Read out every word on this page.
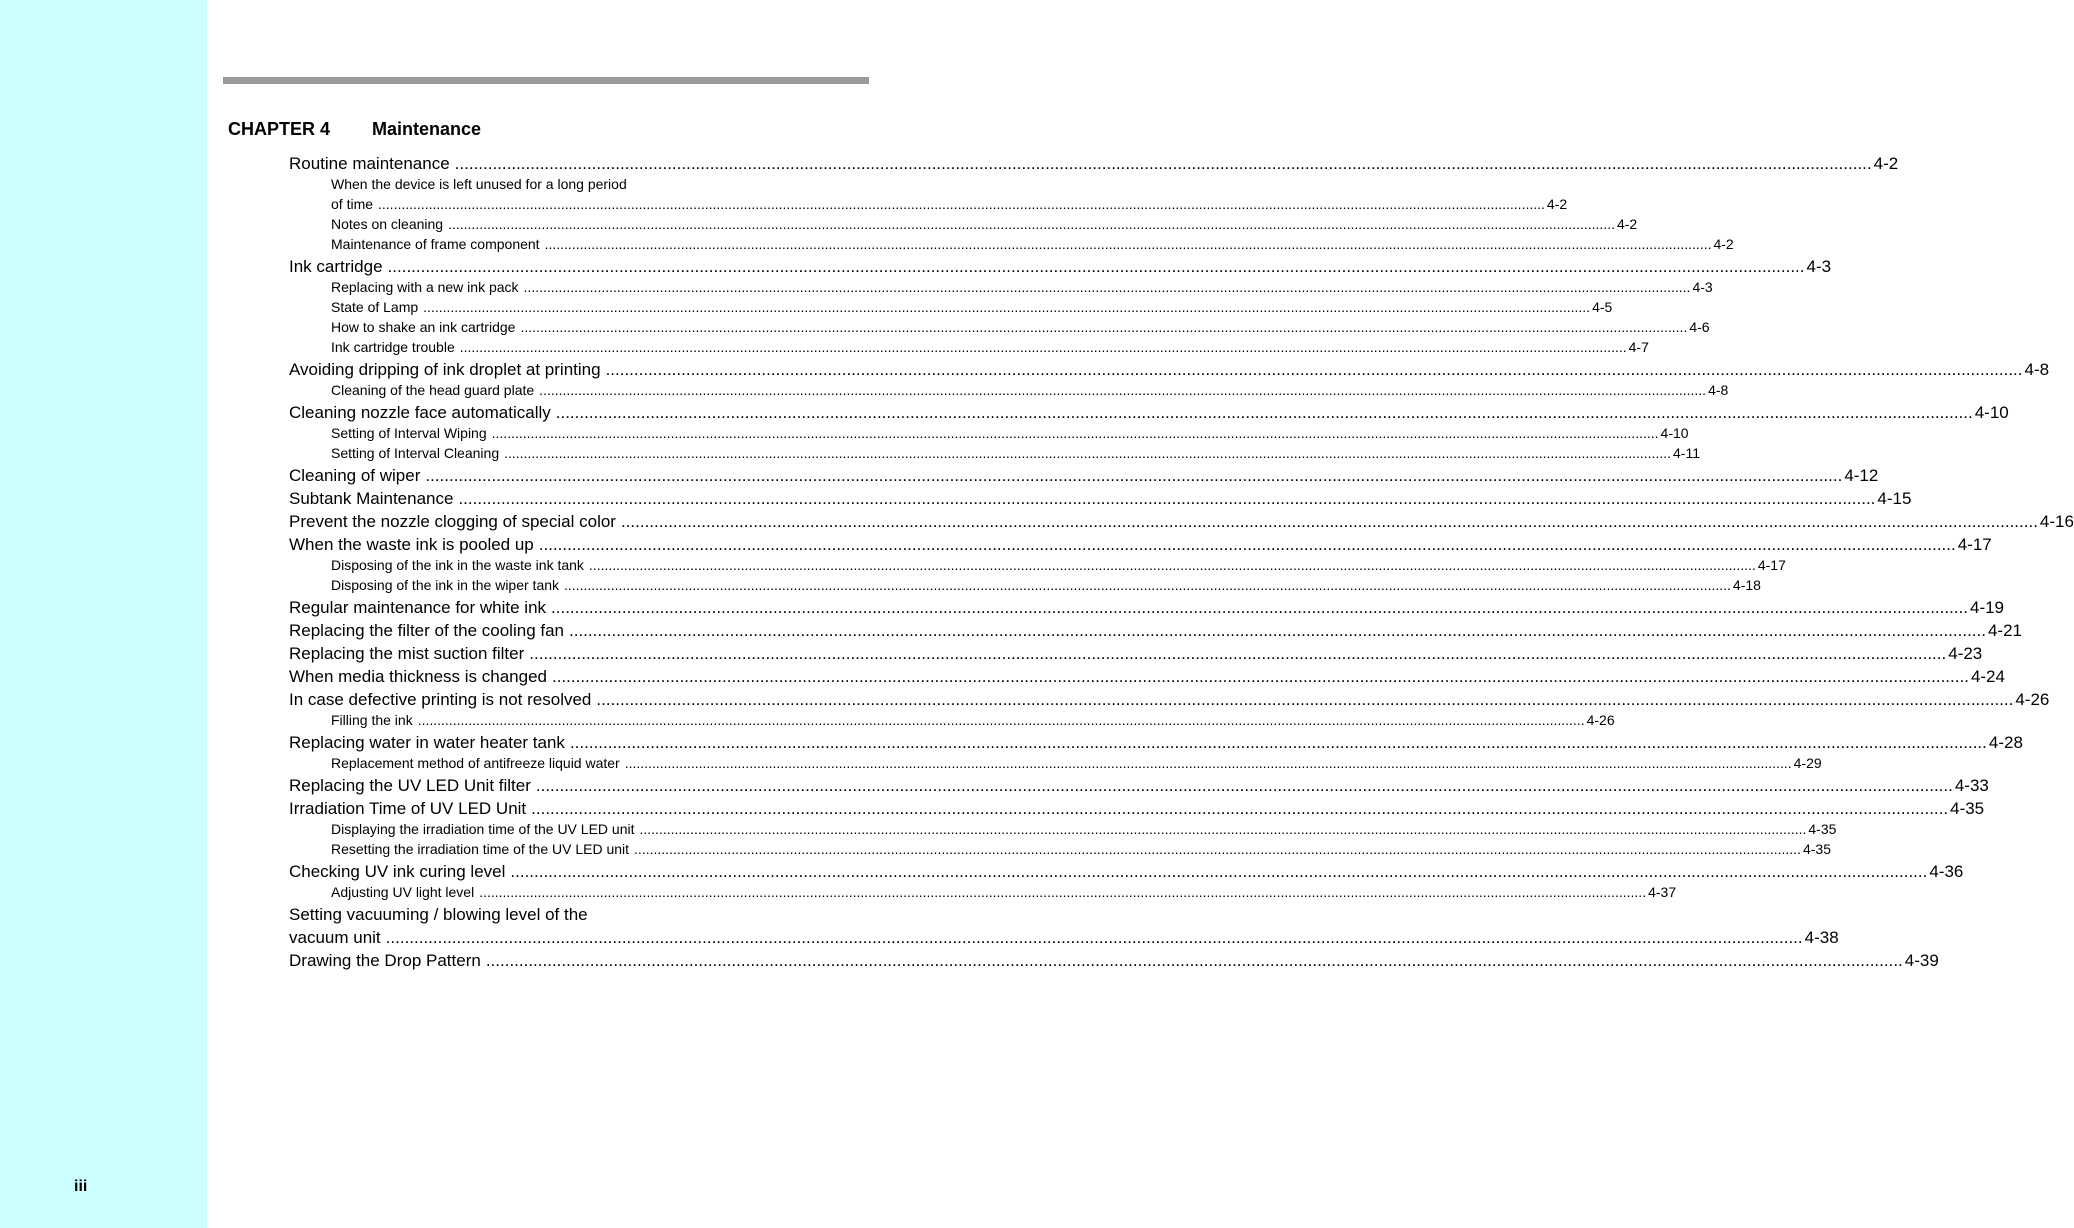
iii
CHAPTER 4 Maintenance
Routine maintenance ............................................................................................................................................................................................................................................................................................................ 4-2
When the device is left unused for a long period
of time ............................................................................................................................................................................................................................................................................................................ 4-2
Notes on cleaning ............................................................................................................................................................................................................................................................................................................ 4-2
Maintenance of frame component ............................................................................................................................................................................................................................................................................................................ 4-2
Ink cartridge ............................................................................................................................................................................................................................................................................................................ 4-3
Replacing with a new ink pack ............................................................................................................................................................................................................................................................................................................ 4-3
State of Lamp ............................................................................................................................................................................................................................................................................................................ 4-5
How to shake an ink cartridge ............................................................................................................................................................................................................................................................................................................ 4-6
Ink cartridge trouble ............................................................................................................................................................................................................................................................................................................ 4-7
Avoiding dripping of ink droplet at printing ............................................................................................................................................................................................................................................................................................................ 4-8
Cleaning of the head guard plate ............................................................................................................................................................................................................................................................................................................ 4-8
Cleaning nozzle face automatically ............................................................................................................................................................................................................................................................................................................ 4-10
Setting of Interval Wiping ............................................................................................................................................................................................................................................................................................................ 4-10
Setting of Interval Cleaning ............................................................................................................................................................................................................................................................................................................ 4-11
Cleaning of wiper ............................................................................................................................................................................................................................................................................................................ 4-12
Subtank Maintenance ............................................................................................................................................................................................................................................................................................................ 4-15
Prevent the nozzle clogging of special color ............................................................................................................................................................................................................................................................................................................ 4-16
When the waste ink is pooled up ............................................................................................................................................................................................................................................................................................................ 4-17
Disposing of the ink in the waste ink tank ............................................................................................................................................................................................................................................................................................................ 4-17
Disposing of the ink in the wiper tank ............................................................................................................................................................................................................................................................................................................ 4-18
Regular maintenance for white ink ............................................................................................................................................................................................................................................................................................................ 4-19
Replacing the filter of the cooling fan ............................................................................................................................................................................................................................................................................................................ 4-21
Replacing the mist suction filter ............................................................................................................................................................................................................................................................................................................ 4-23
When media thickness is changed ............................................................................................................................................................................................................................................................................................................ 4-24
In case defective printing is not resolved ............................................................................................................................................................................................................................................................................................................ 4-26
Filling the ink ............................................................................................................................................................................................................................................................................................................ 4-26
Replacing water in water heater tank ............................................................................................................................................................................................................................................................................................................ 4-28
Replacement method of antifreeze liquid water ............................................................................................................................................................................................................................................................................................................ 4-29
Replacing the UV LED Unit filter ............................................................................................................................................................................................................................................................................................................ 4-33
Irradiation Time of UV LED Unit ............................................................................................................................................................................................................................................................................................................ 4-35
Displaying the irradiation time of the UV LED unit ............................................................................................................................................................................................................................................................................................................ 4-35
Resetting the irradiation time of the UV LED unit ............................................................................................................................................................................................................................................................................................................ 4-35
Checking UV ink curing level ............................................................................................................................................................................................................................................................................................................ 4-36
Adjusting UV light level ............................................................................................................................................................................................................................................................................................................ 4-37
Setting vacuuming / blowing level of the
vacuum unit ............................................................................................................................................................................................................................................................................................................ 4-38
Drawing the Drop Pattern ............................................................................................................................................................................................................................................................................................................ 4-39
